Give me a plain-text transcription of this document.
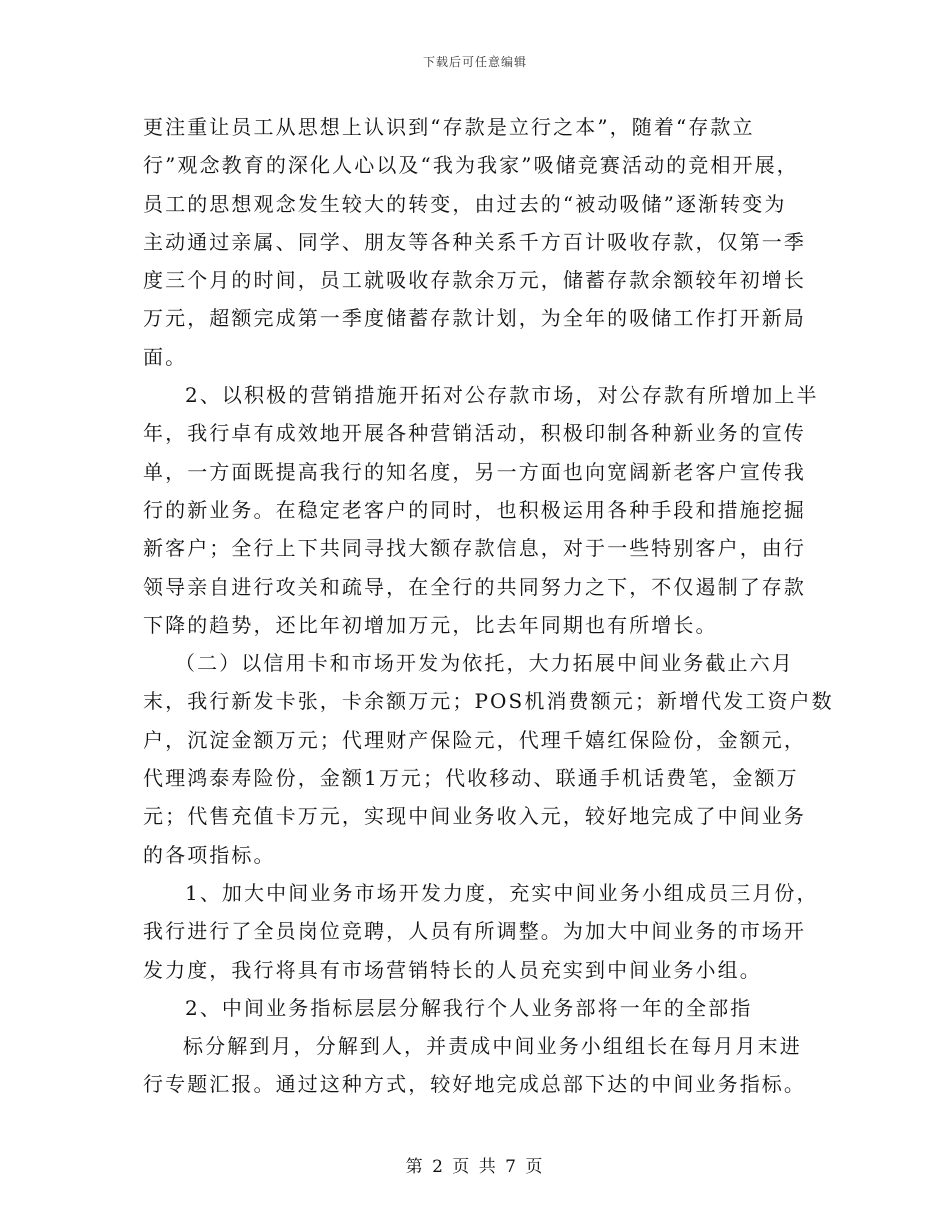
下载后可任意编辑
更注重让员工从思想上认识到“存款是立行之本”，随着“存款立
行”观念教育的深化人心以及“我为我家”吸储竞赛活动的竞相开展，
员工的思想观念发生较大的转变，由过去的“被动吸储”逐渐转变为
主动通过亲属、同学、朋友等各种关系千方百计吸收存款，仅第一季
度三个月的时间，员工就吸收存款余万元，储蓄存款余额较年初增长
万元，超额完成第一季度储蓄存款计划，为全年的吸储工作打开新局
面。
2、以积极的营销措施开拓对公存款市场，对公存款有所增加上半
年，我行卓有成效地开展各种营销活动，积极印制各种新业务的宣传
单，一方面既提高我行的知名度，另一方面也向宽阔新老客户宣传我
行的新业务。在稳定老客户的同时，也积极运用各种手段和措施挖掘
新客户；全行上下共同寻找大额存款信息，对于一些特别客户，由行
领导亲自进行攻关和疏导，在全行的共同努力之下，不仅遏制了存款
下降的趋势，还比年初增加万元，比去年同期也有所增长。
（二）以信用卡和市场开发为依托，大力拓展中间业务截止六月
末，我行新发卡张，卡余额万元；POS机消费额元；新增代发工资户数
户，沉淀金额万元；代理财产保险元，代理千嬉红保险份，金额元，
代理鸿泰寿险份，金额1万元；代收移动、联通手机话费笔，金额万
元；代售充值卡万元，实现中间业务收入元，较好地完成了中间业务
的各项指标。
1、加大中间业务市场开发力度，充实中间业务小组成员三月份，
我行进行了全员岗位竞聘，人员有所调整。为加大中间业务的市场开
发力度，我行将具有市场营销特长的人员充实到中间业务小组。
2、中间业务指标层层分解我行个人业务部将一年的全部指
标分解到月，分解到人，并责成中间业务小组组长在每月月末进
行专题汇报。通过这种方式，较好地完成总部下达的中间业务指标。
第 2 页 共 7 页
